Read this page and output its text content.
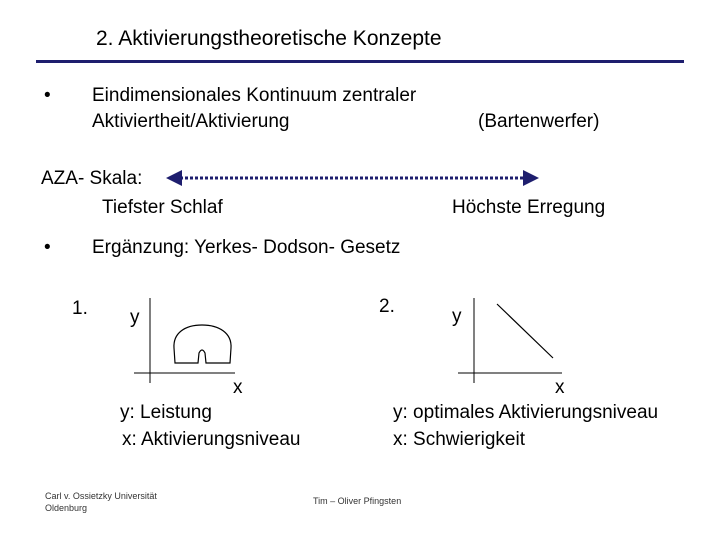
2. Aktivierungstheoretische Konzepte
• Eindimensionales Kontinuum zentraler
Aktiviertheit/Aktivierung	(Bartenwerfer)
AZA- Skala:
Tiefster Schlaf	Höchste Erregung
• Ergänzung: Yerkes- Dodson- Gesetz
1. y
x
y: Leistung
x: Aktivierungsniveau
2.	y
x
y: optimales Aktivierungsniveau
x: Schwierigkeit
Carl v. Ossietzky Universität
Oldenburg
Tim – Oliver Pfingsten
